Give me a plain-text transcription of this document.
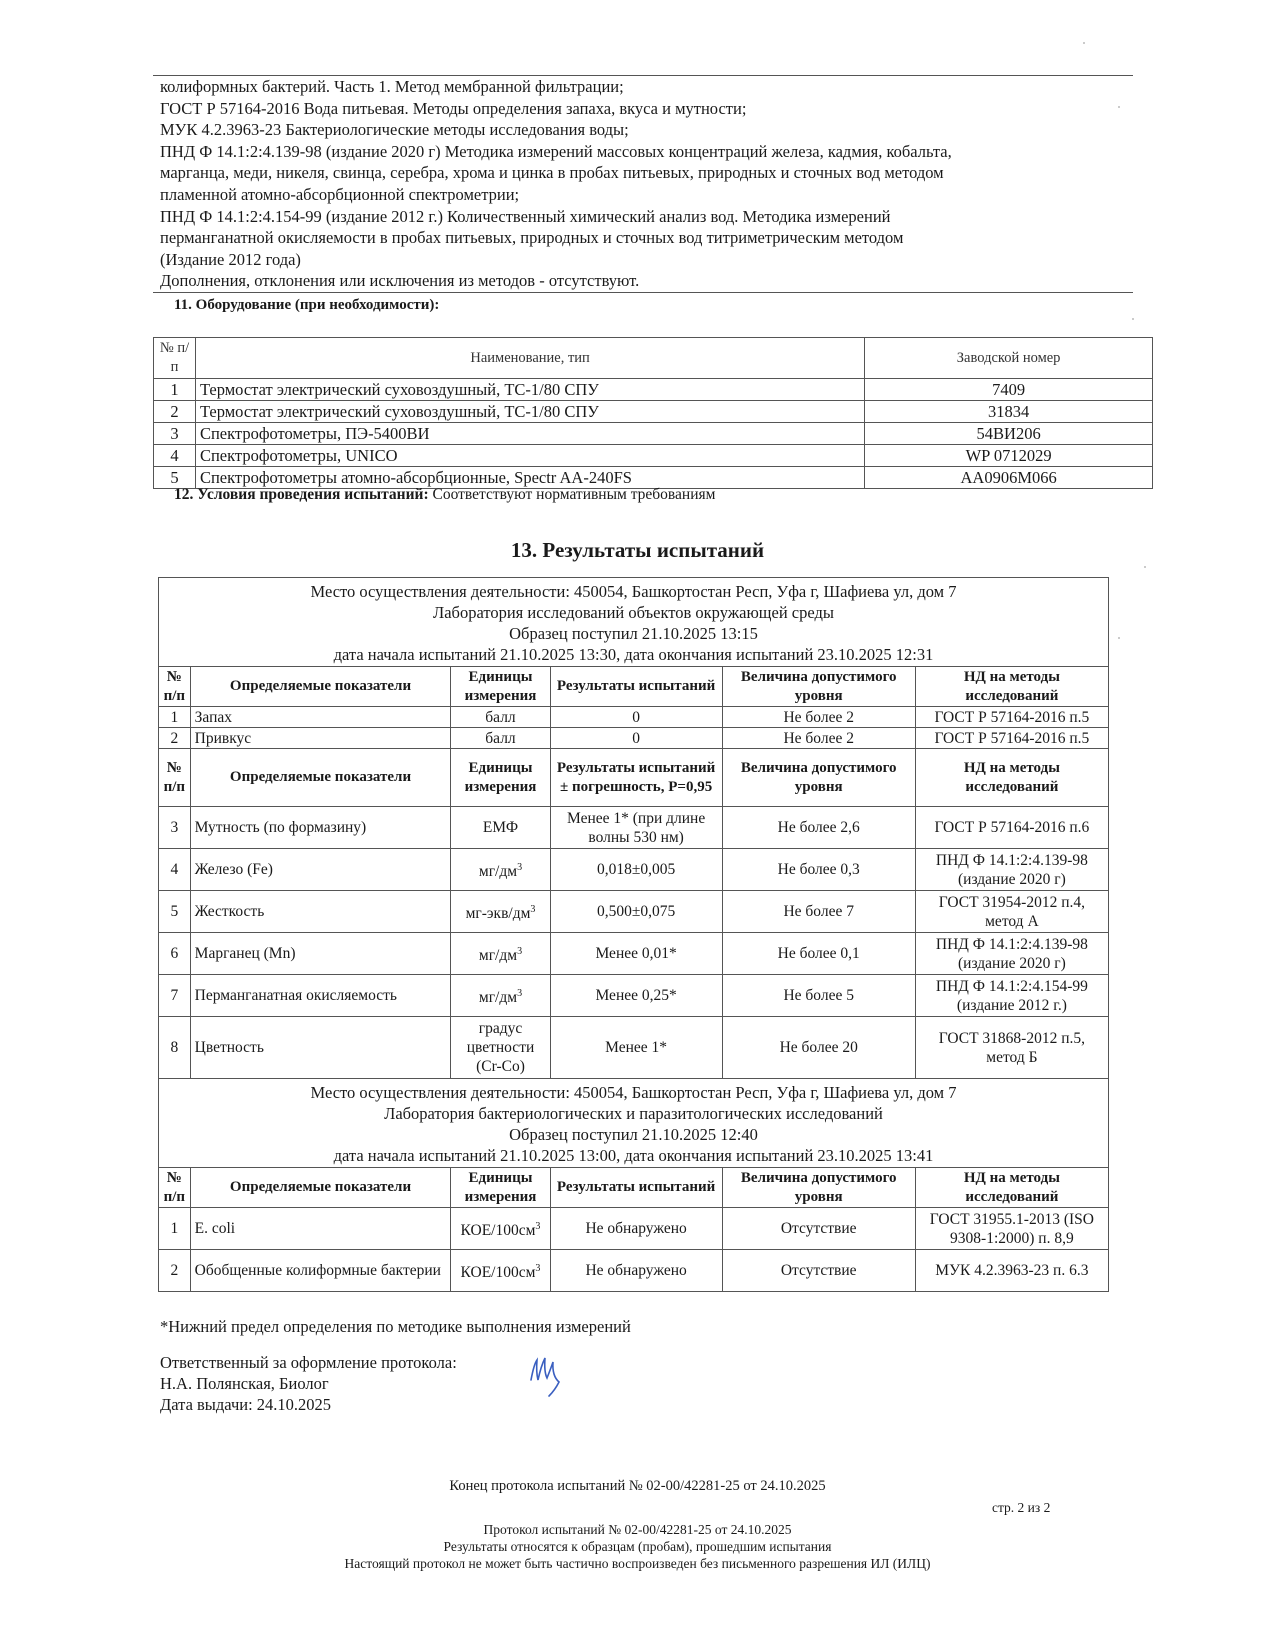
колиформных бактерий. Часть 1. Метод мембранной фильтрации;
ГОСТ Р 57164-2016 Вода питьевая. Методы определения запаха, вкуса и мутности;
МУК 4.2.3963-23 Бактериологические методы исследования воды;
ПНД Ф 14.1:2:4.139-98 (издание 2020 г) Методика измерений массовых концентраций железа, кадмия, кобальта,
марганца, меди, никеля, свинца, серебра, хрома и цинка в пробах питьевых, природных и сточных вод методом
пламенной атомно-абсорбционной спектрометрии;
ПНД Ф 14.1:2:4.154-99 (издание 2012 г.) Количественный химический анализ вод. Методика измерений
перманганатной окисляемости в пробах питьевых, природных и сточных вод титриметрическим методом
(Издание 2012 года)
Дополнения, отклонения или исключения из методов - отсутствуют.
11. Оборудование (при необходимости):
№ п/п	Наименование, тип	Заводской номер
1	Термостат электрический суховоздушный, ТС-1/80 СПУ	7409
2	Термостат электрический суховоздушный, ТС-1/80 СПУ	31834
3	Спектрофотометры, ПЭ-5400ВИ	54ВИ206
4	Спектрофотометры, UNICO	WP 0712029
5	Спектрофотометры атомно-абсорбционные, Spectr AA-240FS	AA0906M066
12. Условия проведения испытаний: Соответствуют нормативным требованиям
13. Результаты испытаний
Место осуществления деятельности: 450054, Башкортостан Респ, Уфа г, Шафиева ул, дом 7
Лаборатория исследований объектов окружающей среды
Образец поступил 21.10.2025 13:15
дата начала испытаний 21.10.2025 13:30, дата окончания испытаний 23.10.2025 12:31					

№ п/п	Определяемые показатели	Единицы измерения	Результаты испытаний	Величина допустимого уровня	НД на методы исследований
1	Запах	балл	0	Не более 2	ГОСТ Р 57164-2016 п.5
2	Привкус	балл	0	Не более 2	ГОСТ Р 57164-2016 п.5
№ п/п	Определяемые показатели	Единицы измерения	Результаты испытаний ± погрешность, Р=0,95	Величина допустимого уровня	НД на методы исследований
3	Мутность (по формазину)	ЕМФ	Менее 1* (при длине волны 530 нм)	Не более 2,6	ГОСТ Р 57164-2016 п.6
4	Железо (Fe)	$мг/дм^3$	0,018±0,005	Не более 0,3	ПНД Ф 14.1:2:4.139-98 (издание 2020 г)
5	Жесткость	$мг-экв/дм^3$	0,500±0,075	Не более 7	ГОСТ 31954-2012 п.4, метод А
6	Марганец (Mn)	$мг/дм^3$	Менее 0,01*	Не более 0,1	ПНД Ф 14.1:2:4.139-98 (издание 2020 г)
7	Перманганатная окисляемость	$мг/дм^3$	Менее 0,25*	Не более 5	ПНД Ф 14.1:2:4.154-99 (издание 2012 г.)
8	Цветность	градус цветности (Cr-Co)	Менее 1*	Не более 20	ГОСТ 31868-2012 п.5, метод Б

Место осуществления деятельности: 450054, Башкортостан Респ, Уфа г, Шафиева ул, дом 7
Лаборатория бактериологических и паразитологических исследований
Образец поступил 21.10.2025 12:40
дата начала испытаний 21.10.2025 13:00, дата окончания испытаний 23.10.2025 13:41					

№ п/п	Определяемые показатели	Единицы измерения	Результаты испытаний	Величина допустимого уровня	НД на методы исследований
1	E. coli	КОЕ/$100см^3$	Не обнаружено	Отсутствие	ГОСТ 31955.1-2013 (ISO 9308-1:2000) п. 8,9
2	Обобщенные колиформные бактерии	КОЕ/$100см^3$	Не обнаружено	Отсутствие	МУК 4.2.3963-23 п. 6.3
*Нижний предел определения по методике выполнения измерений
Ответственный за оформление протокола:
Н.А. Полянская, Биолог
Дата выдачи: 24.10.2025
Конец протокола испытаний № 02-00/42281-25 от 24.10.2025
стр. 2 из 2
Протокол испытаний № 02-00/42281-25 от 24.10.2025
Результаты относятся к образцам (пробам), прошедшим испытания
Настоящий протокол не может быть частично воспроизведен без письменного разрешения ИЛ (ИЛЦ)
